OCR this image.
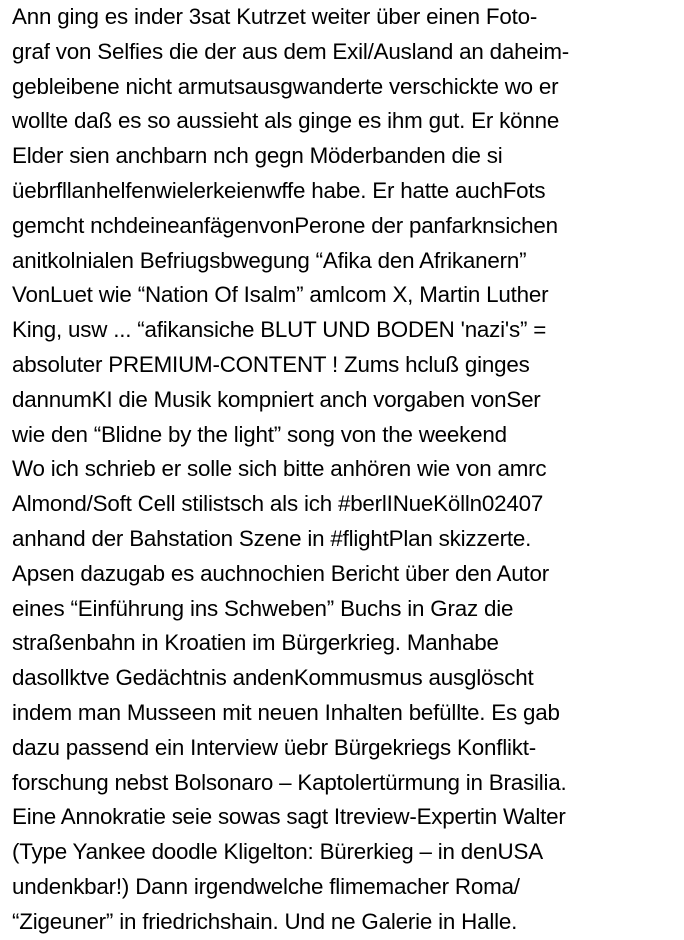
Ann ging es inder 3sat Kutrzet weiter über einen Foto-
graf von Selfies die der aus dem Exil/Ausland an daheim-
gebleibene nicht armutsausgwanderte verschickte wo er
wollte daß es so aussieht als ginge es ihm gut. Er könne
Elder sien anchbarn nch gegn Möderbanden die si
üebrfllanhelfenwielerkeienwffe habe. Er hatte auchFots
gemcht nchdeineanfägenvonPerone der panfarknsichen
anitkolnialen Befriugsbwegung “Afika den Afrikanern”
VonLuet wie “Nation Of Isalm” amlcom X, Martin Luther
King, usw ... “afikansiche BLUT UND BODEN 'nazi's” =
absoluter PREMIUM-CONTENT ! Zums hcluß ginges
dannumKI die Musik kompniert anch vorgaben vonSer
wie den “Blidne by the light” song von the weekend
Wo ich schrieb er solle sich bitte anhören wie von amrc
Almond/Soft Cell stilistsch als ich #berlINueKölln02407
anhand der Bahstation Szene in #flightPlan skizzerte.
Apsen dazugab es auchnochien Bericht über den Autor
eines “Einführung ins Schweben” Buchs in Graz die
straßenbahn in Kroatien im Bürgerkrieg. Manhabe
dasollktve Gedächtnis andenKommusmus ausglöscht
indem man Musseen mit neuen Inhalten befüllte. Es gab
dazu passend ein Interview üebr Bürgekriegs Konflikt-
forschung nebst Bolsonaro – Kaptolertürmung in Brasilia.
Eine Annokratie seie sowas sagt Itreview-Expertin Walter
(Type Yankee doodle Kligelton: Bürerkieg – in denUSA
undenkbar!) Dann irgendwelche flimemacher Roma/
“Zigeuner” in friedrichshain. Und ne Galerie in Halle.
